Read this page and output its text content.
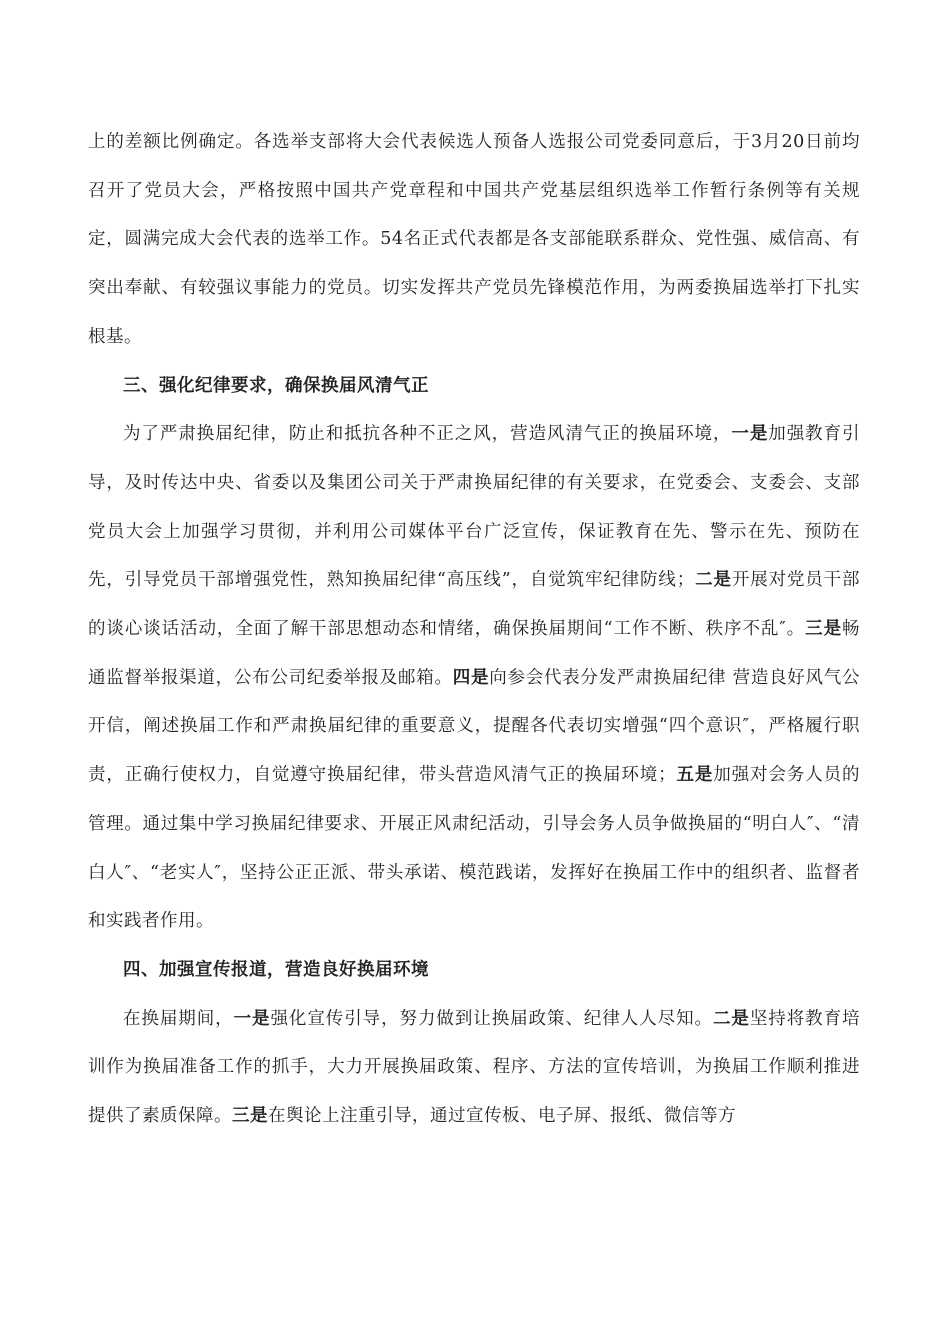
上的差额比例确定。各选举支部将大会代表候选人预备人选报公司党委同意后，于3月20日前均召开了党员大会，严格按照中国共产党章程和中国共产党基层组织选举工作暂行条例等有关规定，圆满完成大会代表的选举工作。54名正式代表都是各支部能联系群众、党性强、威信高、有突出奉献、有较强议事能力的党员。切实发挥共产党员先锋模范作用，为两委换届选举打下扎实根基。

三、强化纪律要求，确保换届风清气正

为了严肃换届纪律，防止和抵抗各种不正之风，营造风清气正的换届环境，一是加强教育引导，及时传达中央、省委以及集团公司关于严肃换届纪律的有关要求，在党委会、支委会、支部党员大会上加强学习贯彻，并利用公司媒体平台广泛宣传，保证教育在先、警示在先、预防在先，引导党员干部增强党性，熟知换届纪律“高压线”，自觉筑牢纪律防线；二是开展对党员干部的谈心谈话活动，全面了解干部思想动态和情绪，确保换届期间“工作不断、秩序不乱″。三是畅通监督举报渠道，公布公司纪委举报及邮箱。四是向参会代表分发严肃换届纪律 营造良好风气公开信，阐述换届工作和严肃换届纪律的重要意义，提醒各代表切实增强“四个意识″，严格履行职责，正确行使权力，自觉遵守换届纪律，带头营造风清气正的换届环境；五是加强对会务人员的管理。通过集中学习换届纪律要求、开展正风肃纪活动，引导会务人员争做换届的“明白人″、“清白人″、“老实人″，坚持公正正派、带头承诺、模范践诺，发挥好在换届工作中的组织者、监督者和实践者作用。

四、加强宣传报道，营造良好换届环境

在换届期间，一是强化宣传引导，努力做到让换届政策、纪律人人尽知。二是坚持将教育培训作为换届准备工作的抓手，大力开展换届政策、程序、方法的宣传培训，为换届工作顺利推进提供了素质保障。三是在舆论上注重引导，通过宣传板、电子屏、报纸、微信等方
